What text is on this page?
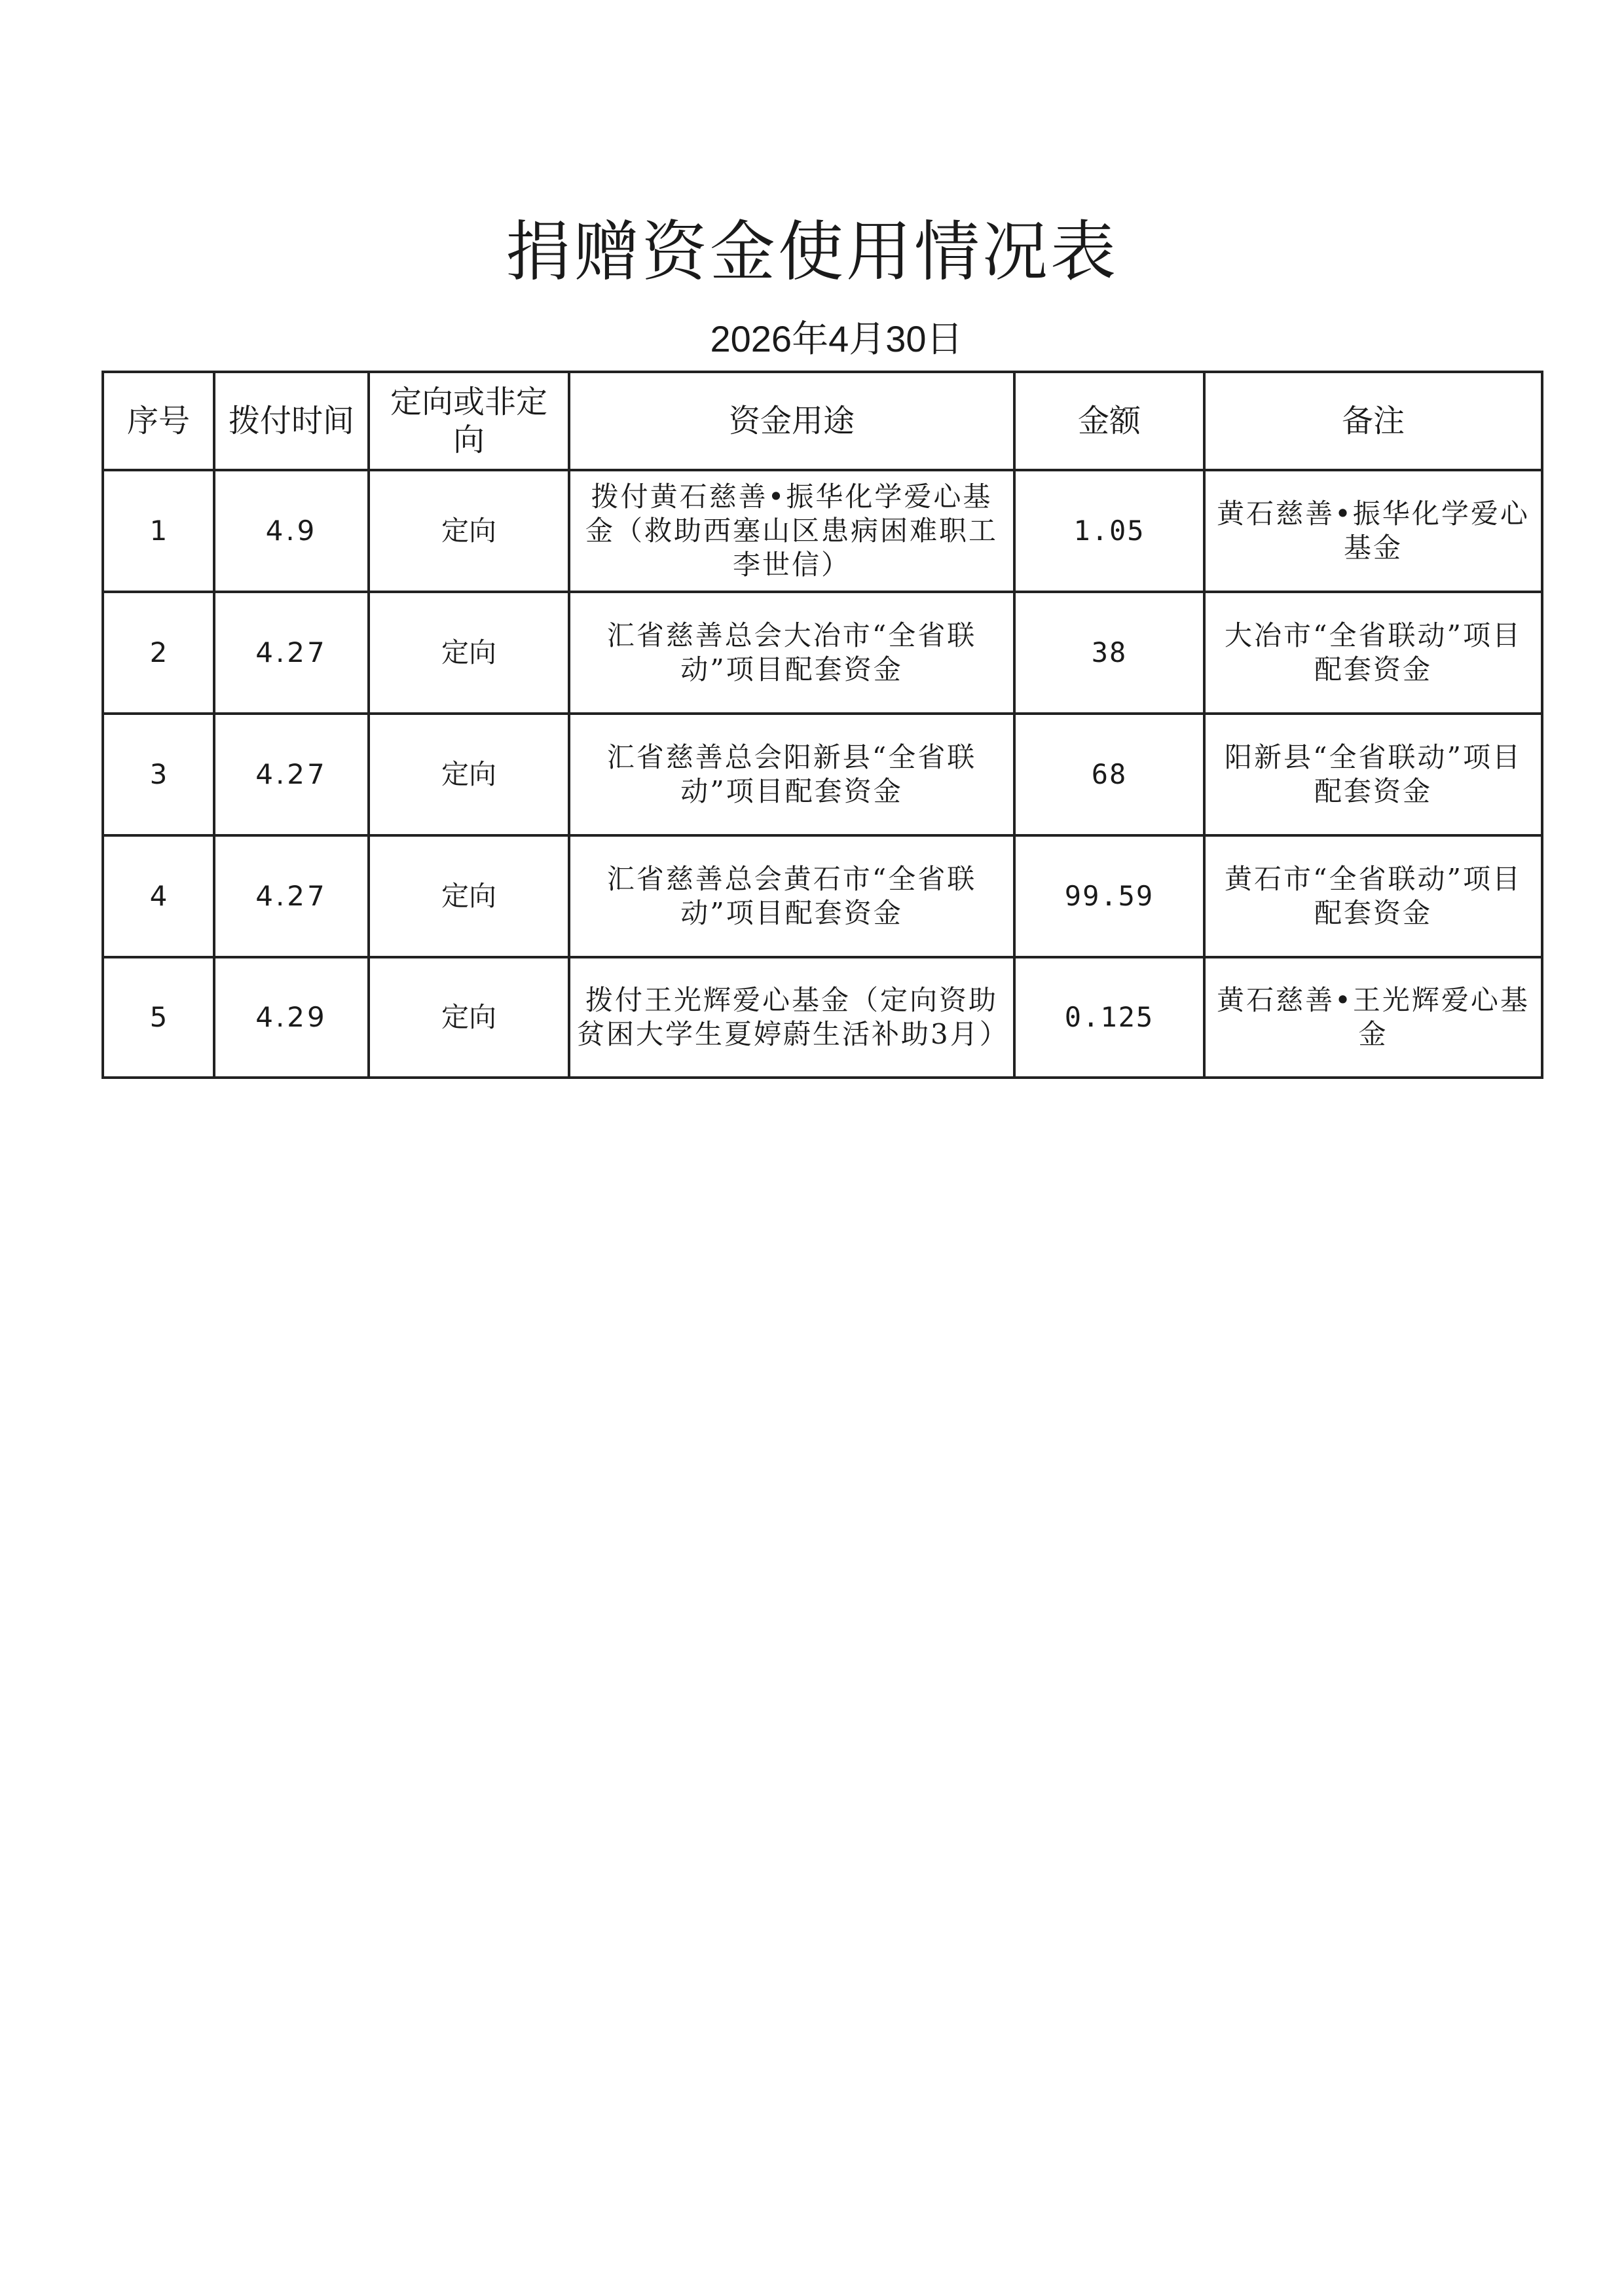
捐赠资金使用情况表
2026年4月30日
序号	拨付时间	定向或非定向	资金用途	金额	备注
1	4.9	定向	拨付黄石慈善•振华化学爱心基金（救助西塞山区患病困难职工李世信）	1.05	黄石慈善•振华化学爱心基金
2	4.27	定向	汇省慈善总会大冶市“全省联动”项目配套资金	38	大冶市“全省联动”项目配套资金
3	4.27	定向	汇省慈善总会阳新县“全省联动”项目配套资金	68	阳新县“全省联动”项目配套资金
4	4.27	定向	汇省慈善总会黄石市“全省联动”项目配套资金	99.59	黄石市“全省联动”项目配套资金
5	4.29	定向	拨付王光辉爱心基金（定向资助贫困大学生夏婷蔚生活补助3月）	0.125	黄石慈善•王光辉爱心基金
